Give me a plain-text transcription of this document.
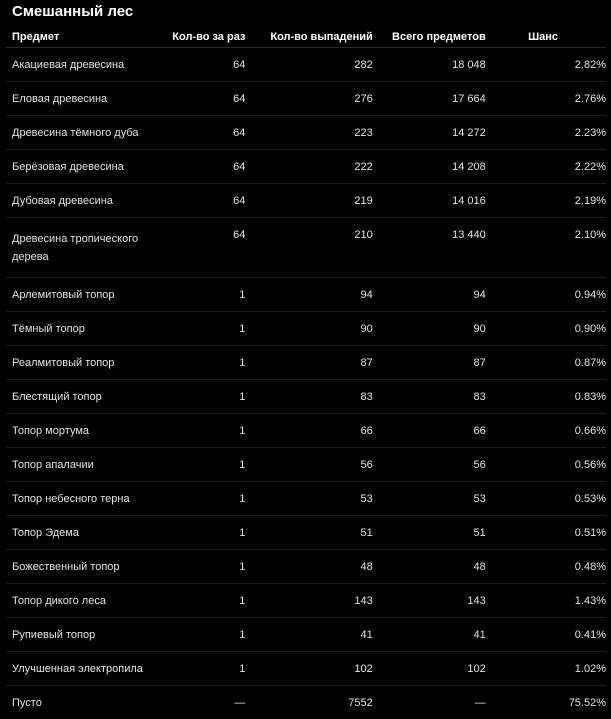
Смешанный лес
Предмет	Кол-во за раз	Кол-во выпадений	Всего предметов	Шанс
Акациевая древесина	64	282	18 048	2.82%
Еловая древесина	64	276	17 664	2.76%
Древесина тёмного дуба	64	223	14 272	2.23%
Берёзовая древесина	64	222	14 208	2.22%
Дубовая древесина	64	219	14 016	2.19%
Древесина тропического дерева	64	210	13 440	2.10%
Арлемитовый топор	1	94	94	0.94%
Тёмный топор	1	90	90	0.90%
Реалмитовый топор	1	87	87	0.87%
Блестящий топор	1	83	83	0.83%
Топор мортума	1	66	66	0.66%
Топор апалачии	1	56	56	0.56%
Топор небесного терна	1	53	53	0.53%
Топор Эдема	1	51	51	0.51%
Божественный топор	1	48	48	0.48%
Топор дикого леса	1	143	143	1.43%
Рупиевый топор	1	41	41	0.41%
Улучшенная электропила	1	102	102	1.02%
Пусто	—	7552	—	75.52%
